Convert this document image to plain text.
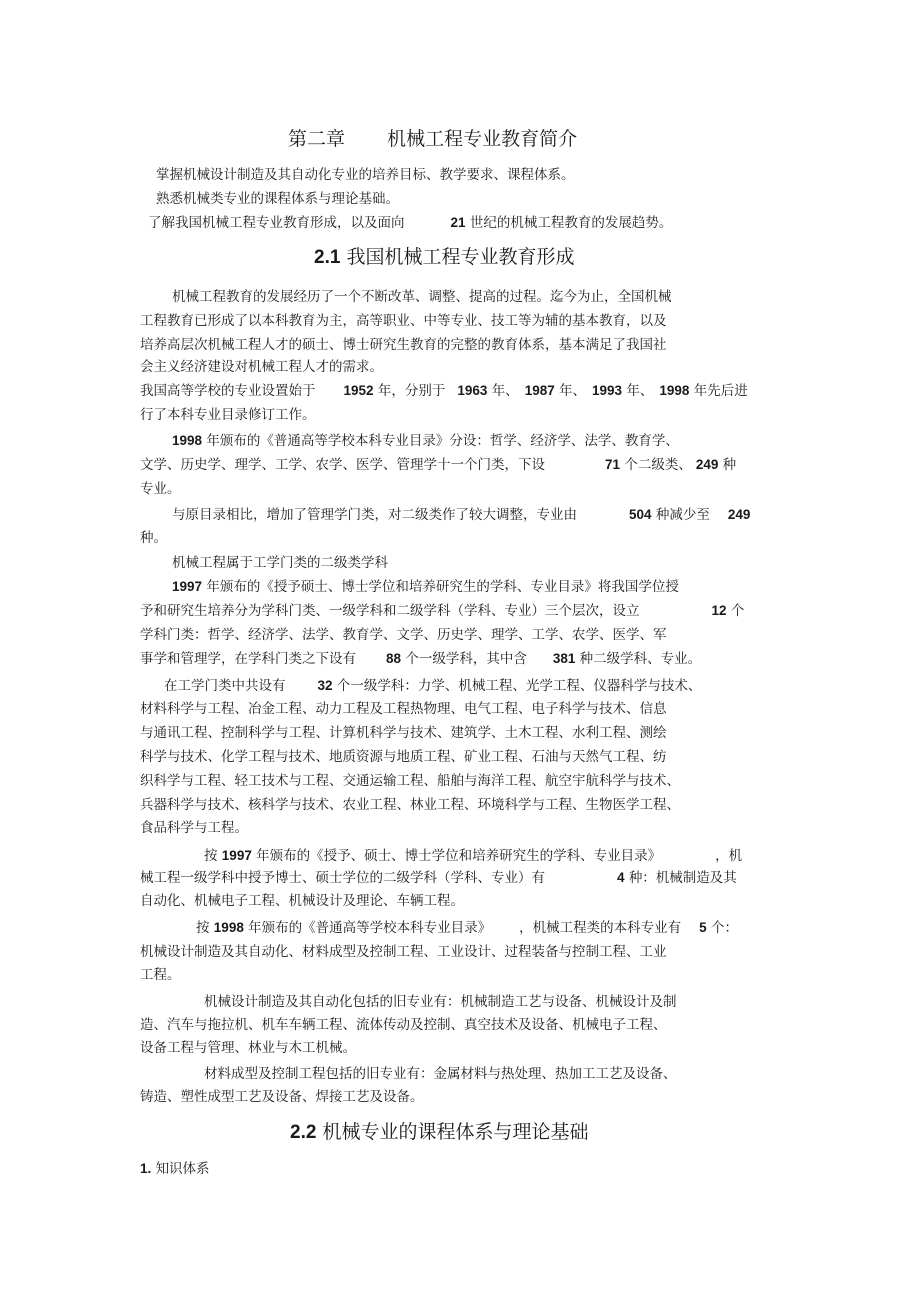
第二章 机械工程专业教育简介
掌握机械设计制造及其自动化专业的培养目标、教学要求、课程体系。
熟悉机械类专业的课程体系与理论基础。
了解我国机械工程专业教育形成，以及面向	21 世纪的机械工程教育的发展趋势。
2.1 我国机械工程专业教育形成
机械工程教育的发展经历了一个不断改革、调整、提高的过程。迄今为止，全国机械
工程教育已形成了以本科教育为主，高等职业、中等专业、技工等为辅的基本教育，以及
培养高层次机械工程人才的硕士、博士研究生教育的完整的教育体系，基本满足了我国社
会主义经济建设对机械工程人才的需求。
我国高等学校的专业设置始于 1952 年，分别于 1963 年、 1987 年、 1993 年、 1998 年先后进
行了本科专业目录修订工作。
1998 年颁布的《普通高等学校本科专业目录》分设：哲学、经济学、法学、教育学、
文学、历史学、理学、工学、农学、医学、管理学十一个门类，下设	71 个二级类、 249 种
专业。
与原目录相比，增加了管理学门类，对二级类作了较大调整，专业由	504 种减少至 249
种。
机械工程属于工学门类的二级类学科
1997 年颁布的《授予硕士、博士学位和培养研究生的学科、专业目录》将我国学位授
予和研究生培养分为学科门类、一级学科和二级学科（学科、专业）三个层次，设立	12 个
学科门类：哲学、经济学、法学、教育学、文学、历史学、理学、工学、农学、医学、军
事学和管理学，在学科门类之下设有 88 个一级学科，其中含 381 种二级学科、专业。
在工学门类中共设有 32 个一级学科：力学、机械工程、光学工程、仪器科学与技术、
材料科学与工程、冶金工程、动力工程及工程热物理、电气工程、电子科学与技术、信息
与通讯工程、控制科学与工程、计算机科学与技术、建筑学、土木工程、水利工程、测绘
科学与技术、化学工程与技术、地质资源与地质工程、矿业工程、石油与天然气工程、纺
织科学与工程、轻工技术与工程、交通运输工程、船舶与海洋工程、航空宇航科学与技术、
兵器科学与技术、核科学与技术、农业工程、林业工程、环境科学与工程、生物医学工程、
食品科学与工程。
按 1997 年颁布的《授予、硕士、博士学位和培养研究生的学科、专业目录》	，机
械工程一级学科中授予博士、硕士学位的二级学科（学科、专业）有	4 种：机械制造及其
自动化、机械电子工程、机械设计及理论、车辆工程。
按 1998 年颁布的《普通高等学校本科专业目录》 ，机械工程类的本科专业有 5 个：
机械设计制造及其自动化、材料成型及控制工程、工业设计、过程装备与控制工程、工业
工程。
机械设计制造及其自动化包括的旧专业有：机械制造工艺与设备、机械设计及制
造、汽车与拖拉机、机车车辆工程、流体传动及控制、真空技术及设备、机械电子工程、
设备工程与管理、林业与木工机械。
材料成型及控制工程包括的旧专业有：金属材料与热处理、热加工工艺及设备、
铸造、塑性成型工艺及设备、焊接工艺及设备。
2.2 机械专业的课程体系与理论基础
1. 知识体系
